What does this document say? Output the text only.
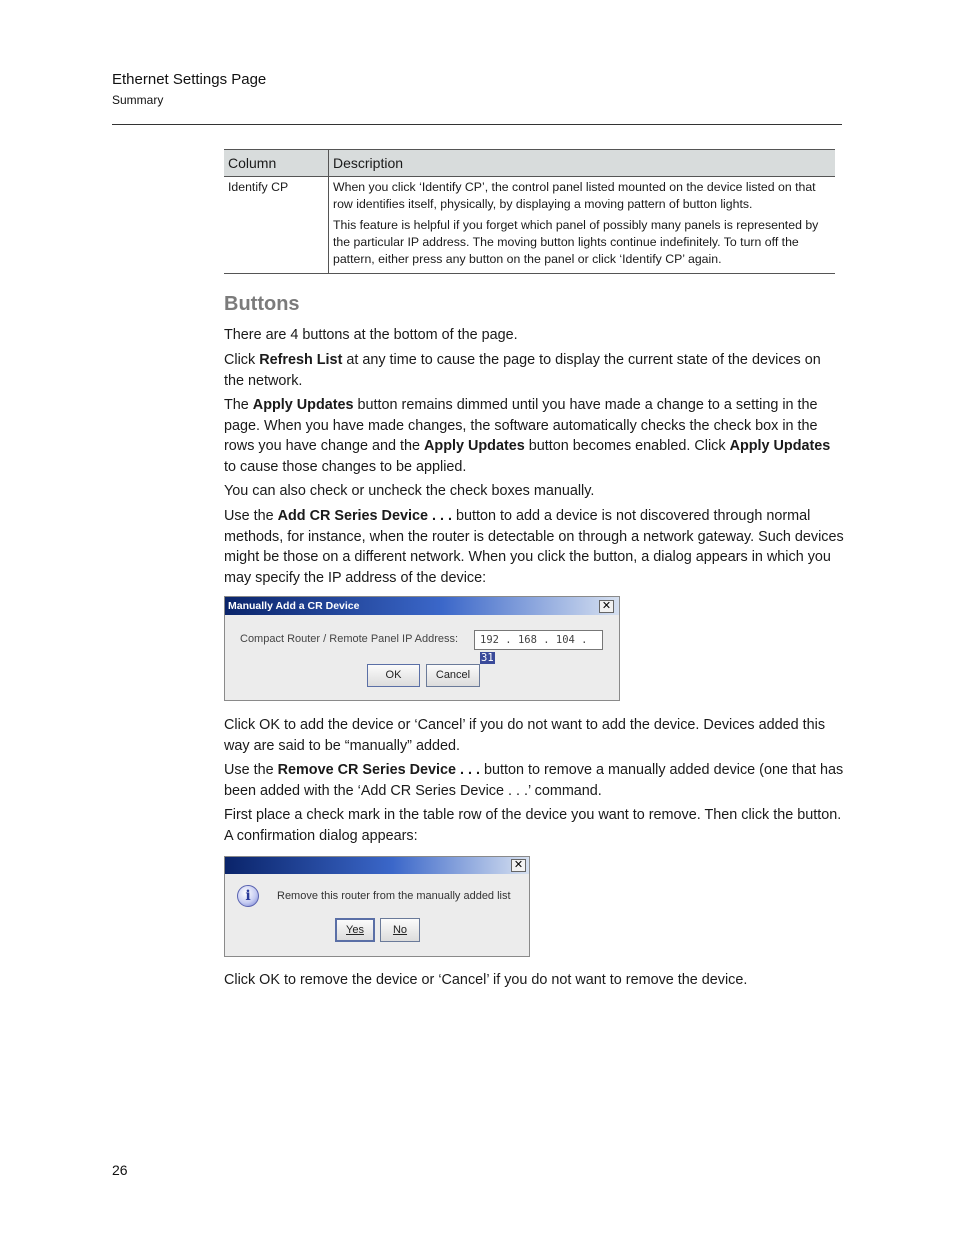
Ethernet Settings Page
Summary
Column	Description
Identify CP	When you click ‘Identify CP’, the control panel listed mounted on the device listed on that row identifies itself, physically, by displaying a moving pattern of button lights.

This feature is helpful if you forget which panel of possibly many panels is represented by the particular IP address. The moving button lights continue indefinitely. To turn off the pattern, either press any button on the panel or click ‘Identify CP’ again.

Buttons

There are 4 buttons at the bottom of the page.

Click Refresh List at any time to cause the page to display the current state of the devices on the network.

The Apply Updates button remains dimmed until you have made a change to a setting in the page. When you have made changes, the software automatically checks the check box in the rows you have change and the Apply Updates button becomes enabled. Click Apply Updates to cause those changes to be applied.

You can also check or uncheck the check boxes manually.

Use the Add CR Series Device . . . button to add a device is not discovered through normal methods, for instance, when the router is detectable on through a network gateway. Such devices might be those on a different network. When you click the button, a dialog appears in which you may specify the IP address of the device:

Manually Add a CR Device	✕
Compact Router / Remote Panel IP Address:	192 . 168 . 104 . 31
OK	Cancel

Click OK to add the device or ‘Cancel’ if you do not want to add the device. Devices added this way are said to be “manually” added.

Use the Remove CR Series Device . . . button to remove a manually added device (one that has been added with the ‘Add CR Series Device . . .’ command.

First place a check mark in the table row of the device you want to remove. Then click the button. A confirmation dialog appears:

✕
i	Remove this router from the manually added list
Yes	No

Click OK to remove the device or ‘Cancel’ if you do not want to remove the device.

26
